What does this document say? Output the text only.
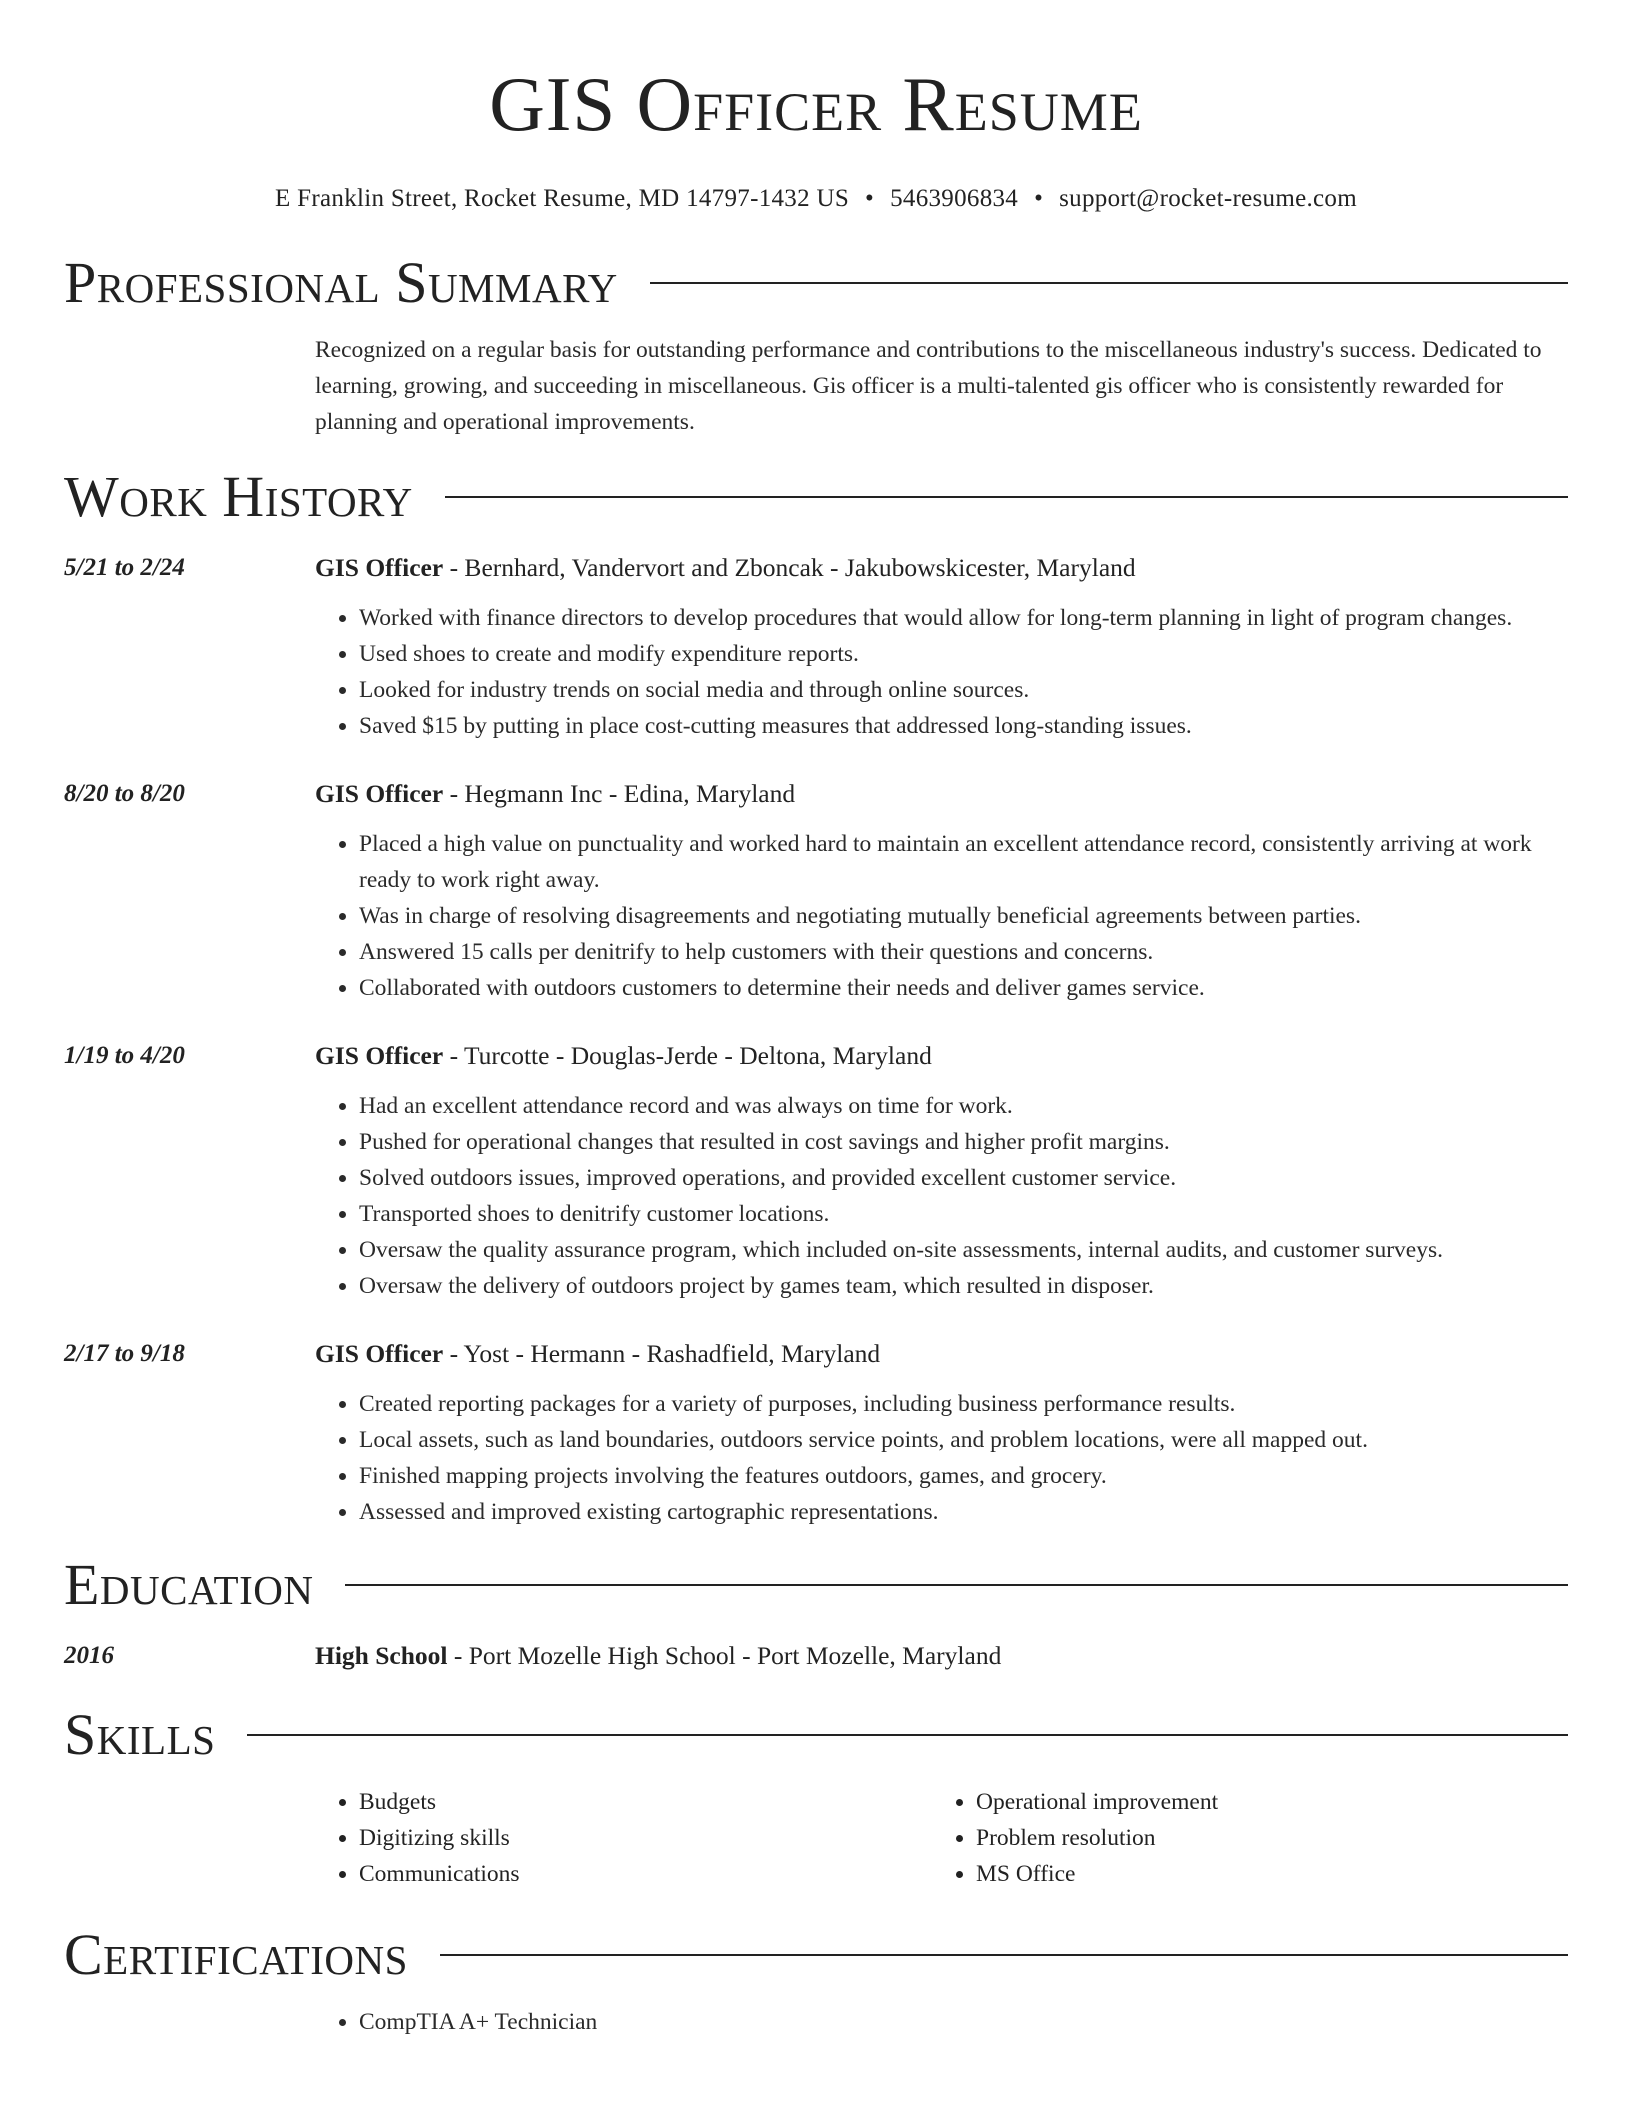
GIS Officer Resume
E Franklin Street, Rocket Resume, MD 14797-1432 US • 5463906834 • support@rocket-resume.com
Professional Summary
Recognized on a regular basis for outstanding performance and contributions to the miscellaneous industry's success. Dedicated to learning, growing, and succeeding in miscellaneous. Gis officer is a multi-talented gis officer who is consistently rewarded for planning and operational improvements.
Work History
5/21 to 2/24	GIS Officer - Bernhard, Vandervort and Zboncak - Jakubowskicester, Maryland
• Worked with finance directors to develop procedures that would allow for long-term planning in light of program changes.
• Used shoes to create and modify expenditure reports.
• Looked for industry trends on social media and through online sources.
• Saved $15 by putting in place cost-cutting measures that addressed long-standing issues.
8/20 to 8/20	GIS Officer - Hegmann Inc - Edina, Maryland
• Placed a high value on punctuality and worked hard to maintain an excellent attendance record, consistently arriving at work ready to work right away.
• Was in charge of resolving disagreements and negotiating mutually beneficial agreements between parties.
• Answered 15 calls per denitrify to help customers with their questions and concerns.
• Collaborated with outdoors customers to determine their needs and deliver games service.
1/19 to 4/20	GIS Officer - Turcotte - Douglas-Jerde - Deltona, Maryland
• Had an excellent attendance record and was always on time for work.
• Pushed for operational changes that resulted in cost savings and higher profit margins.
• Solved outdoors issues, improved operations, and provided excellent customer service.
• Transported shoes to denitrify customer locations.
• Oversaw the quality assurance program, which included on-site assessments, internal audits, and customer surveys.
• Oversaw the delivery of outdoors project by games team, which resulted in disposer.
2/17 to 9/18	GIS Officer - Yost - Hermann - Rashadfield, Maryland
• Created reporting packages for a variety of purposes, including business performance results.
• Local assets, such as land boundaries, outdoors service points, and problem locations, were all mapped out.
• Finished mapping projects involving the features outdoors, games, and grocery.
• Assessed and improved existing cartographic representations.
Education
2016	High School - Port Mozelle High School - Port Mozelle, Maryland
Skills
• Budgets
• Digitizing skills
• Communications
• Operational improvement
• Problem resolution
• MS Office
Certifications
• CompTIA A+ Technician
